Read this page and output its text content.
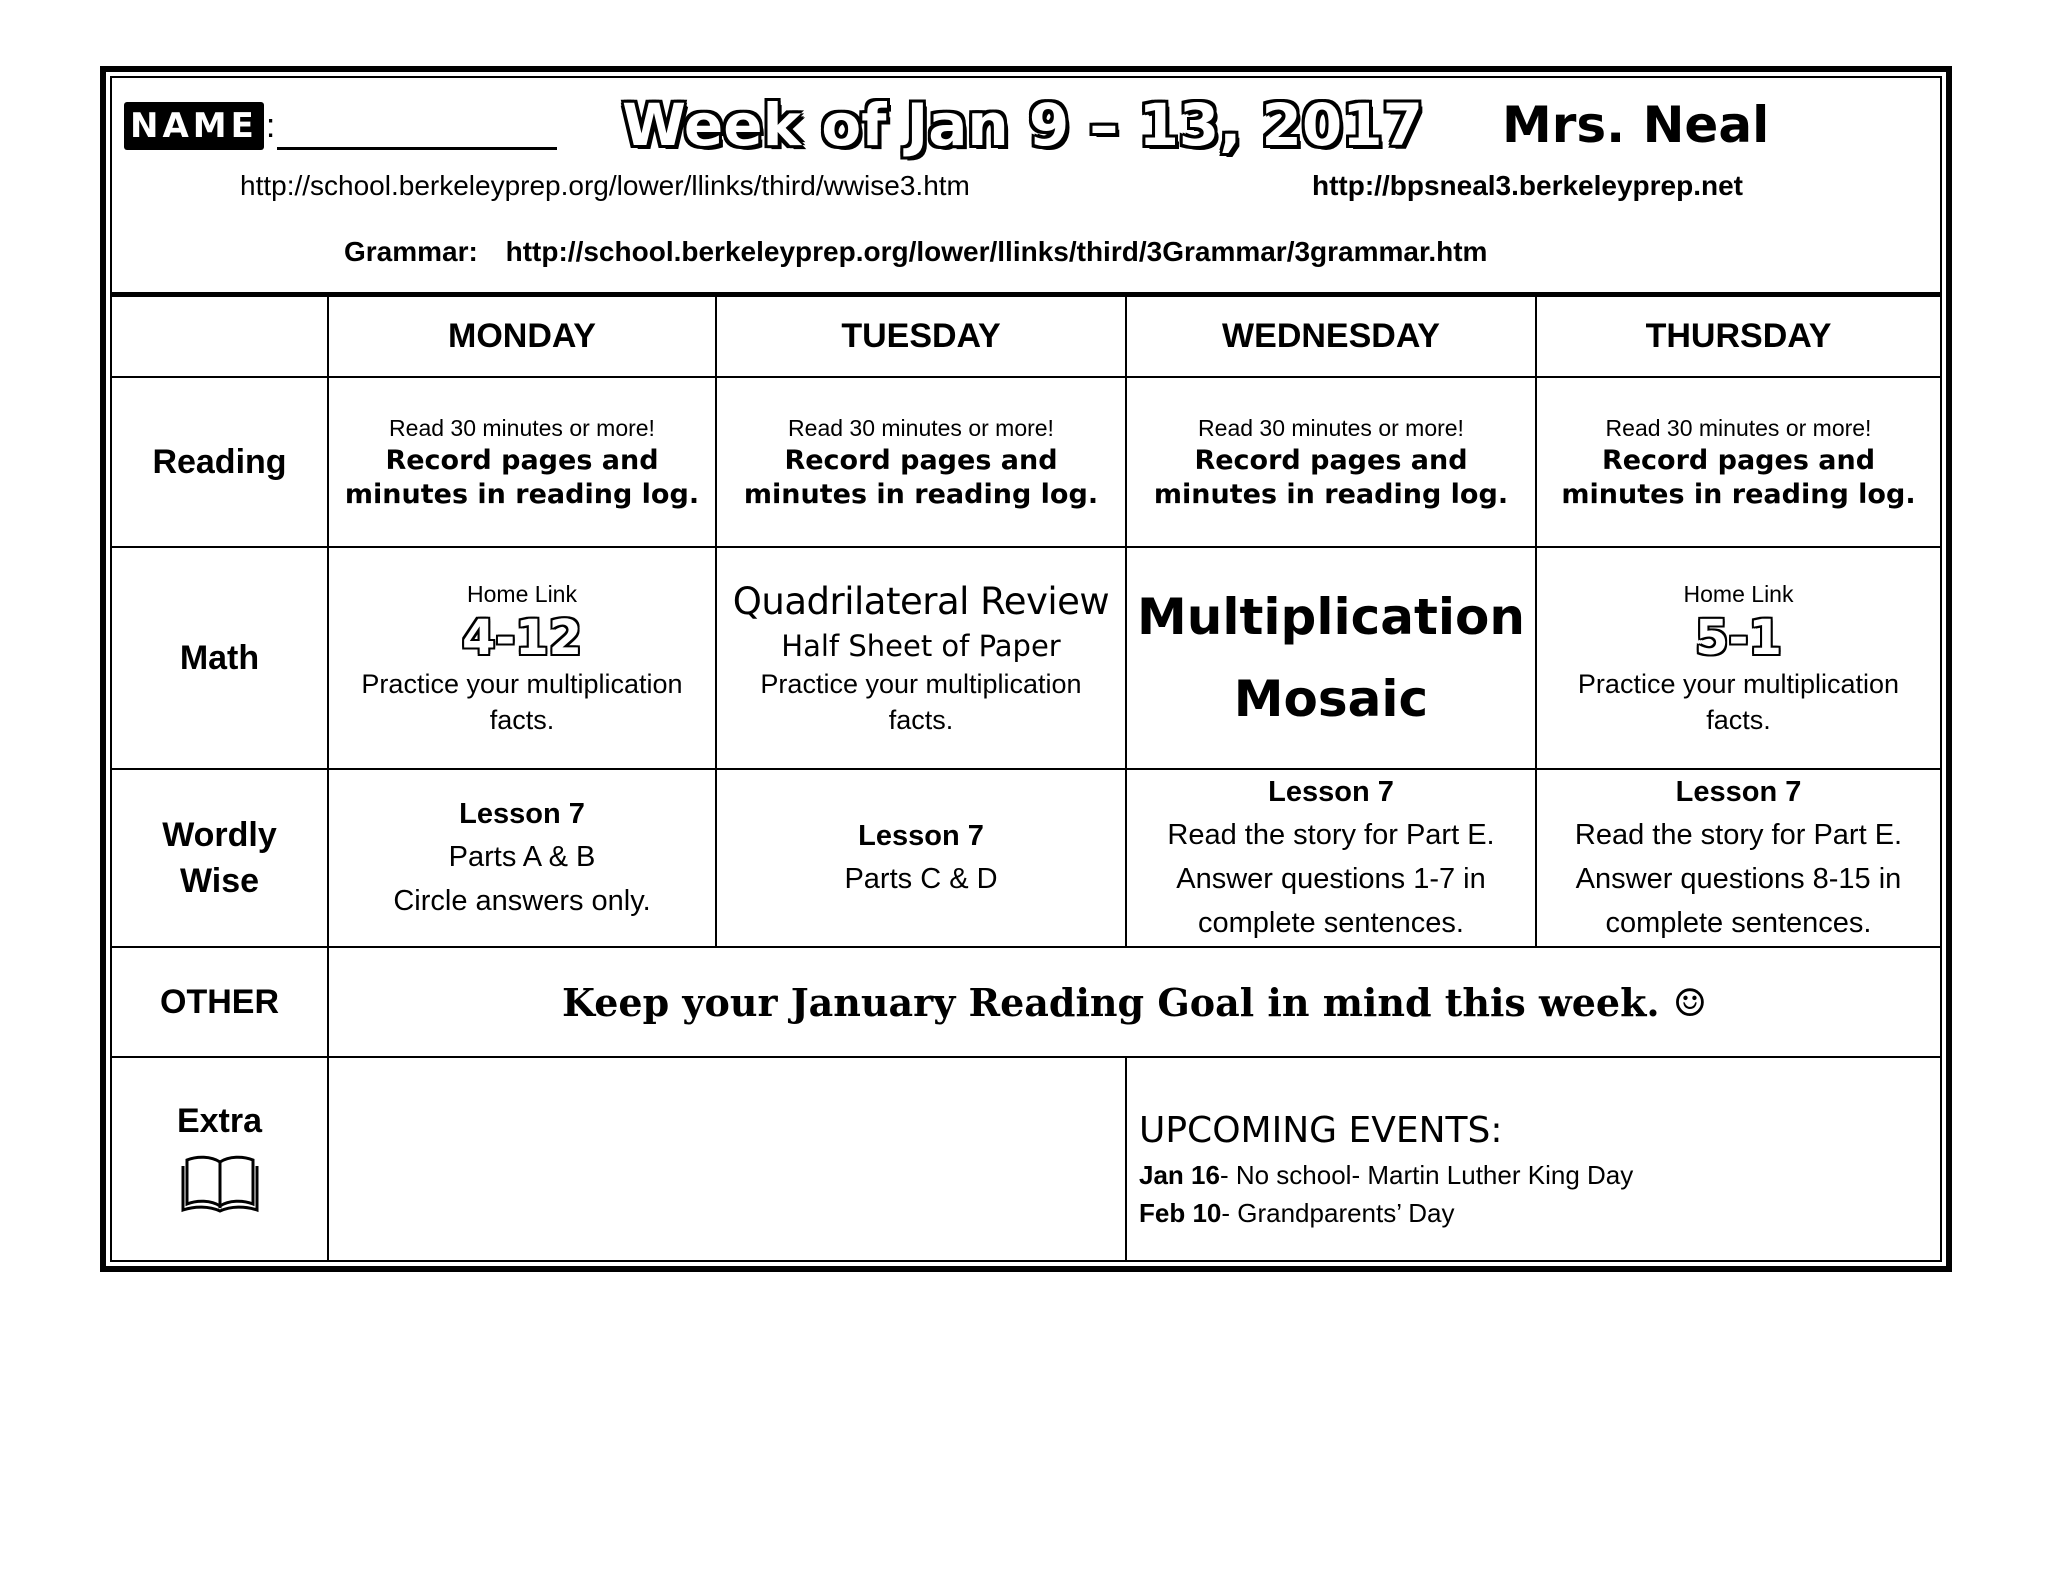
NAME :	Week of Jan 9 – 13, 2017	Mrs. Neal
http://school.berkeleyprep.org/lower/llinks/third/wwise3.htm	http://bpsneal3.berkeleyprep.net
Grammar: http://school.berkeleyprep.org/lower/llinks/third/3Grammar/3grammar.htm
	MONDAY	TUESDAY	WEDNESDAY	THURSDAY
Reading	Read 30 minutes or more!
Record pages and
minutes in reading log.	Read 30 minutes or more!
Record pages and
minutes in reading log.	Read 30 minutes or more!
Record pages and
minutes in reading log.	Read 30 minutes or more!
Record pages and
minutes in reading log.

Math	Home Link
4-12
Practice your multiplication
facts.	Quadrilateral Review
Half Sheet of Paper
Practice your multiplication
facts.	Multiplication
Mosaic	Home Link
5-1
Practice your multiplication
facts.

Wordly
Wise	Lesson 7
Parts A & B
Circle answers only.	Lesson 7
Parts C & D	Lesson 7
Read the story for Part E.
Answer questions 1-7 in
complete sentences.	Lesson 7
Read the story for Part E.
Answer questions 8-15 in
complete sentences.

OTHER	Keep your January Reading Goal in mind this week. ☺			

Extra			UPCOMING EVENTS:
Jan 16- No school- Martin Luther King Day
Feb 10- Grandparents’ Day	
